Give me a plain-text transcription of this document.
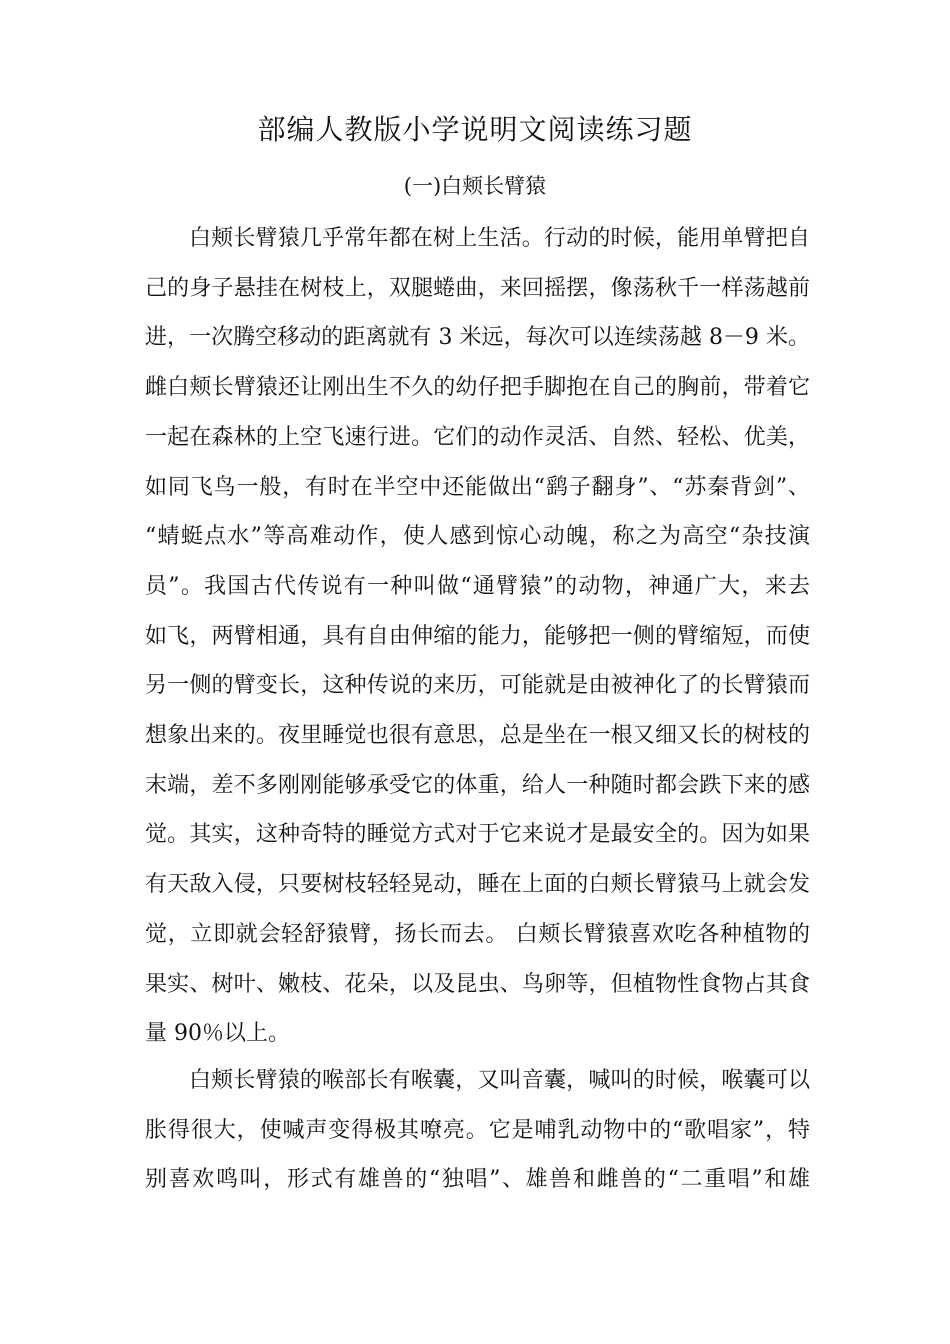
部编人教版小学说明文阅读练习题
(一)白颊长臂猿
白颊长臂猿几乎常年都在树上生活。行动的时候，能用单臂把自
己的身子悬挂在树枝上，双腿蜷曲，来回摇摆，像荡秋千一样荡越前
进，一次腾空移动的距离就有 3 米远，每次可以连续荡越 8－9 米。
雌白颊长臂猿还让刚出生不久的幼仔把手脚抱在自己的胸前，带着它
一起在森林的上空飞速行进。它们的动作灵活、自然、轻松、优美，
如同飞鸟一般，有时在半空中还能做出“鹞子翻身”、“苏秦背剑”、
“蜻蜓点水”等高难动作，使人感到惊心动魄，称之为高空“杂技演
员”。我国古代传说有一种叫做“通臂猿”的动物，神通广大，来去
如飞，两臂相通，具有自由伸缩的能力，能够把一侧的臂缩短，而使
另一侧的臂变长，这种传说的来历，可能就是由被神化了的长臂猿而
想象出来的。夜里睡觉也很有意思，总是坐在一根又细又长的树枝的
末端，差不多刚刚能够承受它的体重，给人一种随时都会跌下来的感
觉。其实，这种奇特的睡觉方式对于它来说才是最安全的。因为如果
有天敌入侵，只要树枝轻轻晃动，睡在上面的白颊长臂猿马上就会发
觉，立即就会轻舒猿臂，扬长而去。 白颊长臂猿喜欢吃各种植物的
果实、树叶、嫩枝、花朵，以及昆虫、鸟卵等，但植物性食物占其食
量 90％以上。
白颊长臂猿的喉部长有喉囊，又叫音囊，喊叫的时候，喉囊可以
胀得很大，使喊声变得极其嘹亮。它是哺乳动物中的“歌唱家”，特
别喜欢鸣叫，形式有雄兽的“独唱”、雄兽和雌兽的“二重唱”和雄
